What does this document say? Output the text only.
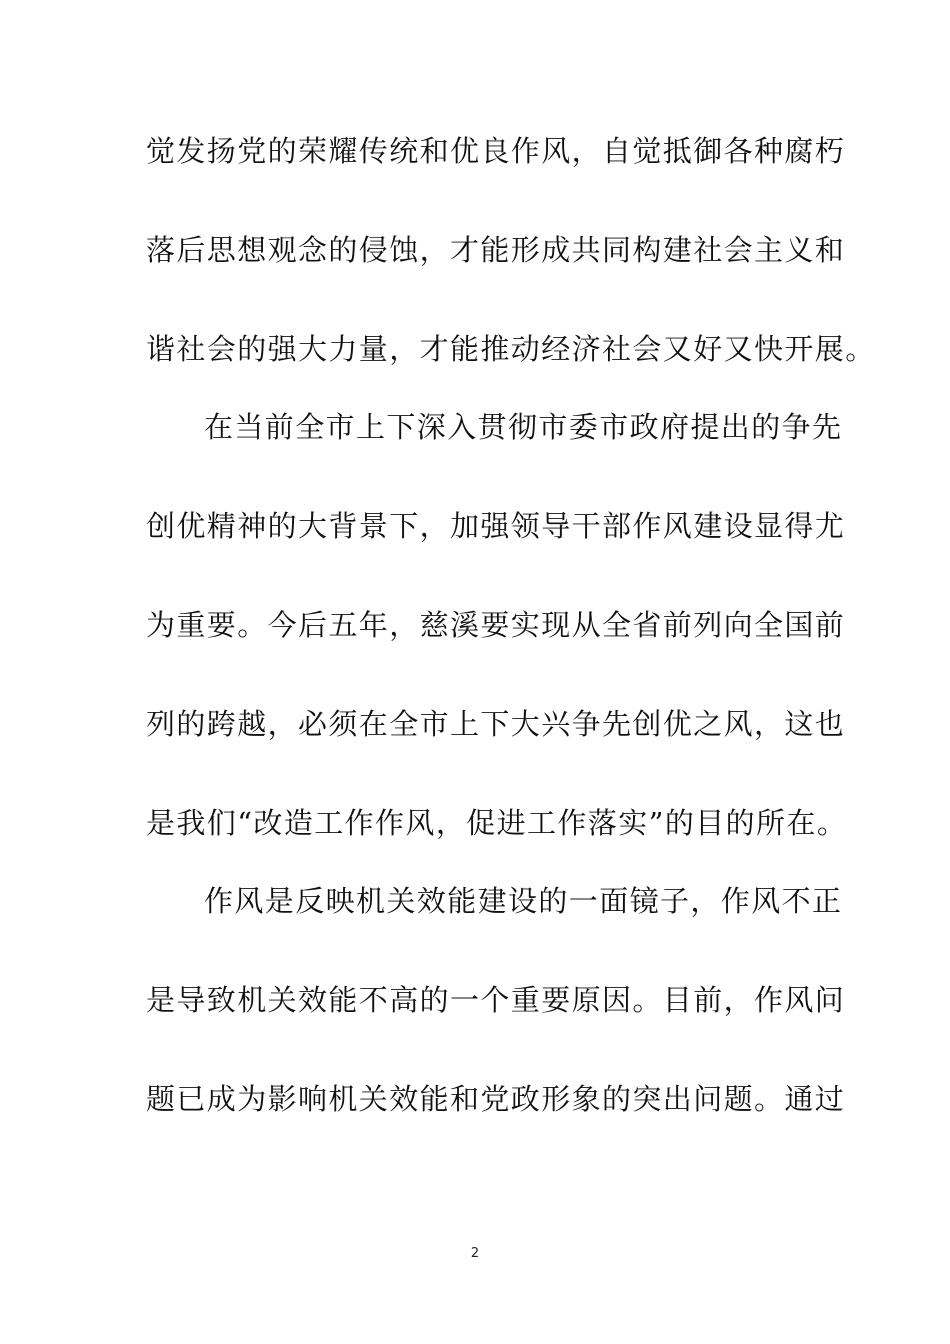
觉发扬党的荣耀传统和优良作风，自觉抵御各种腐朽
落后思想观念的侵蚀，才能形成共同构建社会主义和
谐社会的强大力量，才能推动经济社会又好又快开展。
在当前全市上下深入贯彻市委市政府提出的争先
创优精神的大背景下，加强领导干部作风建设显得尤
为重要。今后五年，慈溪要实现从全省前列向全国前
列的跨越，必须在全市上下大兴争先创优之风，这也
是我们“改造工作作风，促进工作落实”的目的所在。
作风是反映机关效能建设的一面镜子，作风不正
是导致机关效能不高的一个重要原因。目前，作风问
题已成为影响机关效能和党政形象的突出问题。通过
2
